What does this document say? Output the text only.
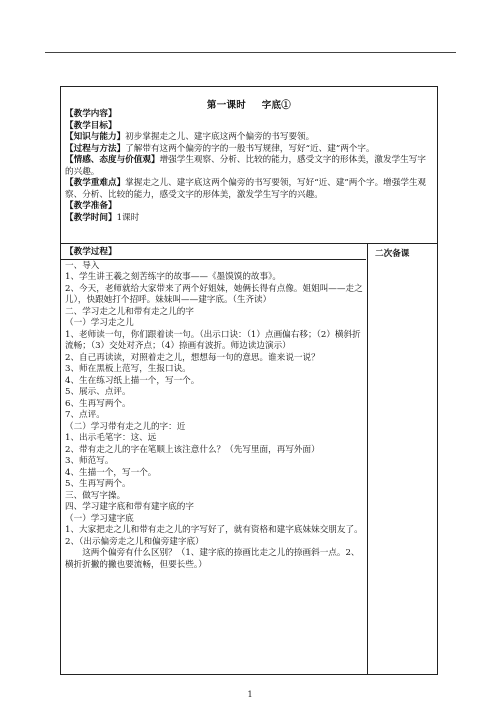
第一课时 字底①
【教学内容】
【教学目标】
【知识与能力】初步掌握走之儿、建字底这两个偏旁的书写要领。
【过程与方法】了解带有这两个偏旁的字的一般书写规律，写好“近、建”两个字。
【情感、态度与价值观】增强学生观察、分析、比较的能力，感受文字的形体美，激发学生写字的兴趣。
【教学重难点】掌握走之儿、建字底这两个偏旁的书写要领，写好“近、建”两个字。增强学生观察、分析、比较的能力，感受文字的形体美，激发学生写字的兴趣。
【教学准备】
【教学时间】1课时
二次备课
【教学过程】
一、导入
1、学生讲王羲之刻苦练字的故事——《墨馍馍的故事》。
2、今天，老师就给大家带来了两个好姐妹，她俩长得有点像。姐姐叫——走之儿），快跟她打个招呼。妹妹叫——建字底。（生齐读）
二、学习走之儿和带有走之儿的字
（一）学习走之儿
1、老师读一句，你们跟着读一句。（出示口诀：（1）点画偏右移；（2）横斜折流畅；（3）交处对齐点；（4）捺画有波折。师边读边演示）
2、自己再读读，对照着走之儿，想想每一句的意思。谁来说一说？
3、师在黑板上范写，生报口诀。
4、生在练习纸上描一个，写一个。
5、展示、点评。
6、生再写两个。
7、点评。
（二）学习带有走之儿的字：近
1、出示毛笔字：这、远
2、带有走之儿的字在笔顺上该注意什么？（先写里面，再写外面）
3、师范写。
4、生描一个，写一个。
5、生再写两个。
三、做写字操。
四、学习建字底和带有建字底的字
（一）学习建字底
1、大家把走之儿和带有走之儿的字写好了，就有资格和建字底妹妹交朋友了。
2、（出示偏旁走之儿和偏旁建字底）
　　这两个偏旁有什么区别？（1、建字底的捺画比走之儿的捺画斜一点。2、横折折撇的撇也要流畅，但要长些。）
1
